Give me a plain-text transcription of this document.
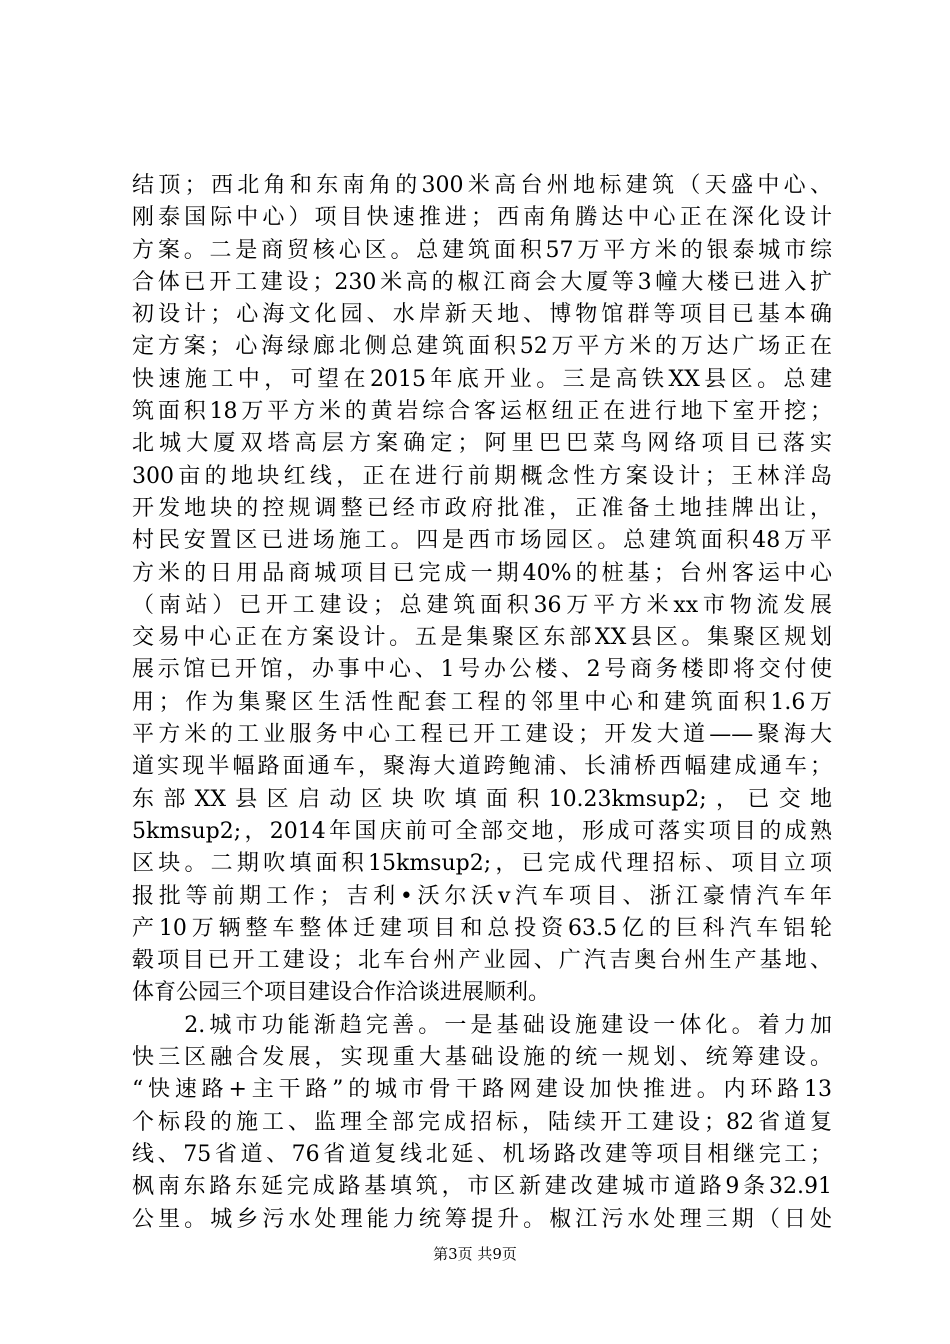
结顶；西北角和东南角的300米高台州地标建筑（天盛中心、
刚泰国际中心）项目快速推进；西南角腾达中心正在深化设计
方案。二是商贸核心区。总建筑面积57万平方米的银泰城市综
合体已开工建设；230米高的椒江商会大厦等3幢大楼已进入扩
初设计；心海文化园、水岸新天地、博物馆群等项目已基本确
定方案；心海绿廊北侧总建筑面积52万平方米的万达广场正在
快速施工中，可望在2015年底开业。三是高铁XX县区。总建
筑面积18万平方米的黄岩综合客运枢纽正在进行地下室开挖；
北城大厦双塔高层方案确定；阿里巴巴菜鸟网络项目已落实
300亩的地块红线，正在进行前期概念性方案设计；王林洋岛
开发地块的控规调整已经市政府批准，正准备土地挂牌出让，
村民安置区已进场施工。四是西市场园区。总建筑面积48万平
方米的日用品商城项目已完成一期40%的桩基；台州客运中心
（南站）已开工建设；总建筑面积36万平方米xx市物流发展
交易中心正在方案设计。五是集聚区东部XX县区。集聚区规划
展示馆已开馆，办事中心、1号办公楼、2号商务楼即将交付使
用；作为集聚区生活性配套工程的邻里中心和建筑面积1.6万
平方米的工业服务中心工程已开工建设；开发大道——聚海大
道实现半幅路面通车，聚海大道跨鲍浦、长浦桥西幅建成通车；
东部XX县区启动区块吹填面积10.23kmsup2;，已交地
5kmsup2;，2014年国庆前可全部交地，形成可落实项目的成熟
区块。二期吹填面积15kmsup2;，已完成代理招标、项目立项
报批等前期工作；吉利•沃尔沃v汽车项目、浙江豪情汽车年
产10万辆整车整体迁建项目和总投资63.5亿的巨科汽车铝轮
毂项目已开工建设；北车台州产业园、广汽吉奥台州生产基地、
体育公园三个项目建设合作洽谈进展顺利。
　　2.城市功能渐趋完善。一是基础设施建设一体化。着力加
快三区融合发展，实现重大基础设施的统一规划、统筹建设。
“快速路+主干路”的城市骨干路网建设加快推进。内环路13
个标段的施工、监理全部完成招标，陆续开工建设；82省道复
线、75省道、76省道复线北延、机场路改建等项目相继完工；
枫南东路东延完成路基填筑，市区新建改建城市道路9条32.91
公里。城乡污水处理能力统筹提升。椒江污水处理三期（日处
第3页 共9页
